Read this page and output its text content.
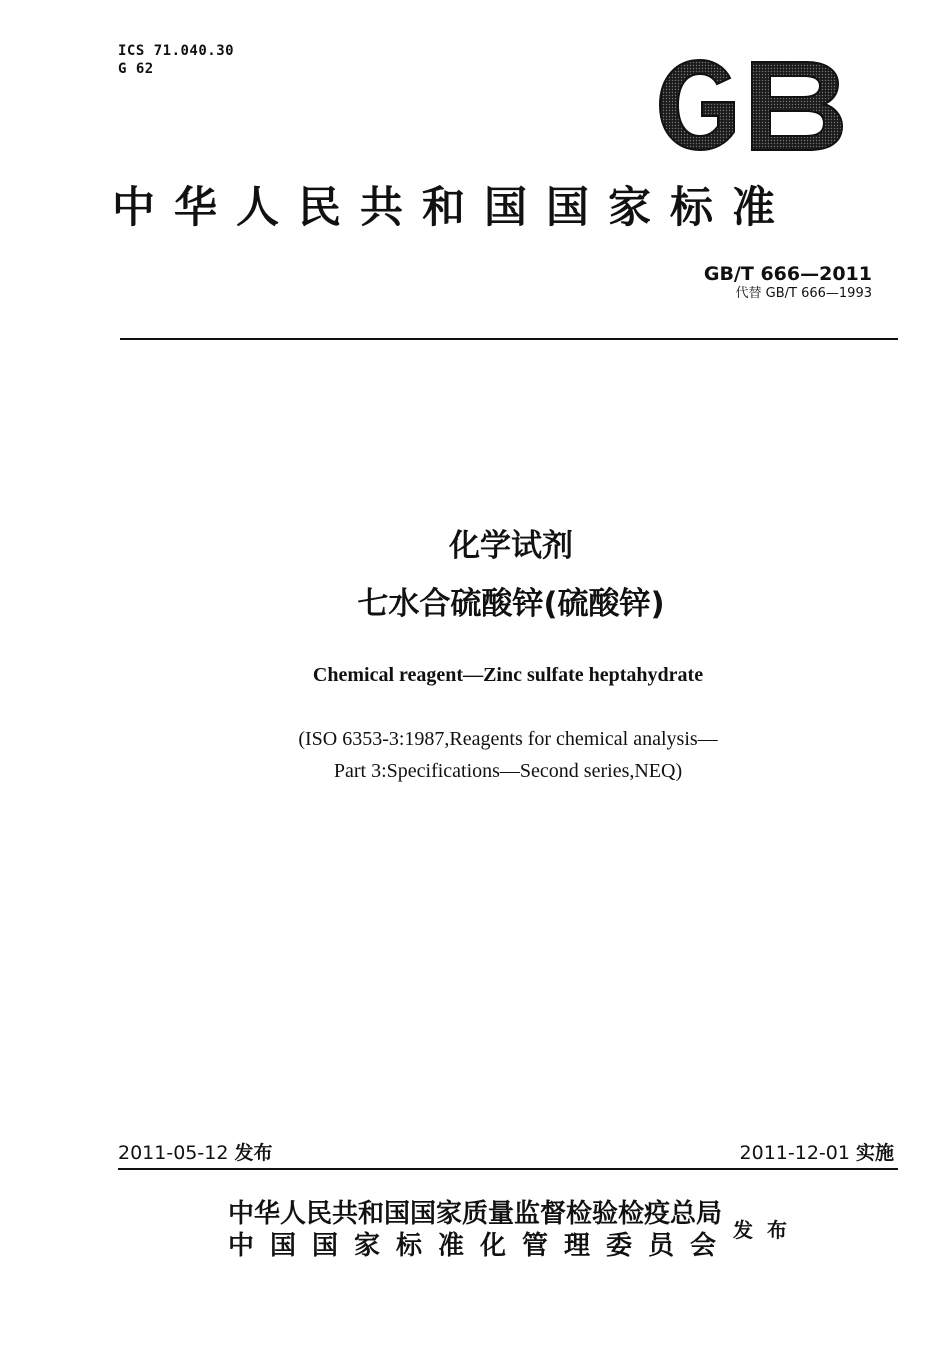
ICS 71.040.30
G 62
中华人民共和国国家标准
GB/T 666—2011
代替 GB/T 666—1993
化学试剂
七水合硫酸锌(硫酸锌)
Chemical reagent—Zinc sulfate heptahydrate
(ISO 6353-3:1987,Reagents for chemical analysis—
Part 3:Specifications—Second series,NEQ)
2011-05-12 发布	2011-12-01 实施
中华人民共和国国家质量监督检验检疫总局
中国国家标准化管理委员会
发布
